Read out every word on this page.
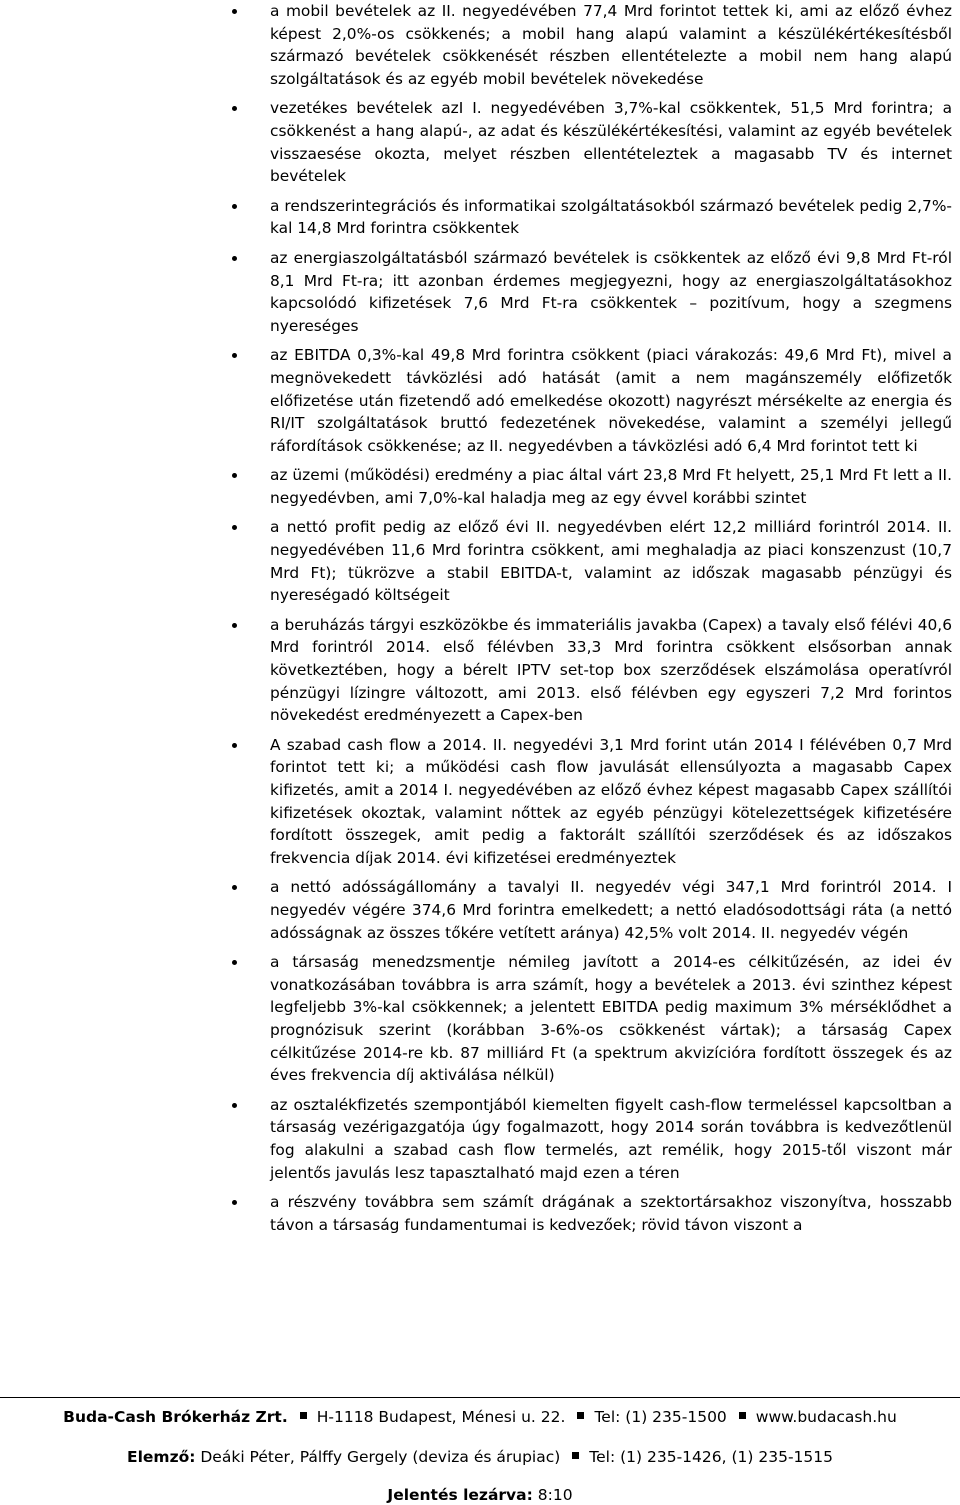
a mobil bevételek az II. negyedévében 77,4 Mrd forintot tettek ki, ami az előző évhez képest 2,0%-os csökkenés; a mobil hang alapú valamint a készülékértékesítésből származó bevételek csökkenését részben ellentételezte a mobil nem hang alapú szolgáltatások és az egyéb mobil bevételek növekedése
vezetékes bevételek azI I. negyedévében 3,7%-kal csökkentek, 51,5 Mrd forintra; a csökkenést a hang alapú-, az adat és készülékértékesítési, valamint az egyéb bevételek visszaesése okozta, melyet részben ellentételeztek a magasabb TV és internet bevételek
a rendszerintegrációs és informatikai szolgáltatásokból származó bevételek pedig 2,7%-kal 14,8 Mrd forintra csökkentek
az energiaszolgáltatásból származó bevételek is csökkentek az előző évi 9,8 Mrd Ft-ról 8,1 Mrd Ft-ra; itt azonban érdemes megjegyezni, hogy az energiaszolgáltatásokhoz kapcsolódó kifizetések 7,6 Mrd Ft-ra csökkentek – pozitívum, hogy a szegmens nyereséges
az EBITDA 0,3%-kal 49,8 Mrd forintra csökkent (piaci várakozás: 49,6 Mrd Ft), mivel a megnövekedett távközlési adó hatását (amit a nem magánszemély előfizetők előfizetése után fizetendő adó emelkedése okozott) nagyrészt mérsékelte az energia és RI/IT szolgáltatások bruttó fedezetének növekedése, valamint a személyi jellegű ráfordítások csökkenése; az II. negyedévben a távközlési adó 6,4 Mrd forintot tett ki
az üzemi (működési) eredmény a piac által várt 23,8 Mrd Ft helyett, 25,1 Mrd Ft lett a II. negyedévben, ami 7,0%-kal haladja meg az egy évvel korábbi szintet
a nettó profit pedig az előző évi II. negyedévben elért 12,2 milliárd forintról 2014. II. negyedévében 11,6 Mrd forintra csökkent, ami meghaladja az piaci konszenzust (10,7 Mrd Ft); tükrözve a stabil EBITDA-t, valamint az időszak magasabb pénzügyi és nyereségadó költségeit
a beruházás tárgyi eszközökbe és immateriális javakba (Capex) a tavaly első félévi 40,6 Mrd forintról 2014. első félévben 33,3 Mrd forintra csökkent elsősorban annak következtében, hogy a bérelt IPTV set-top box szerződések elszámolása operatívról pénzügyi lízingre változott, ami 2013. első félévben egy egyszeri 7,2 Mrd forintos növekedést eredményezett a Capex-ben
A szabad cash flow a 2014. II. negyedévi 3,1 Mrd forint után 2014 I félévében 0,7 Mrd forintot tett ki; a működési cash flow javulását ellensúlyozta a magasabb Capex kifizetés, amit a 2014 I. negyedévében az előző évhez képest magasabb Capex szállítói kifizetések okoztak, valamint nőttek az egyéb pénzügyi kötelezettségek kifizetésére fordított összegek, amit pedig a faktorált szállítói szerződések és az időszakos frekvencia díjak 2014. évi kifizetései eredményeztek
a nettó adósságállomány a tavalyi II. negyedév végi 347,1 Mrd forintról 2014. I negyedév végére 374,6 Mrd forintra emelkedett; a nettó eladósodottsági ráta (a nettó adósságnak az összes tőkére vetített aránya) 42,5% volt 2014. II. negyedév végén
a társaság menedzsmentje némileg javított a 2014-es célkitűzésén, az idei év vonatkozásában továbbra is arra számít, hogy a bevételek a 2013. évi szinthez képest legfeljebb 3%-kal csökkennek; a jelentett EBITDA pedig maximum 3% mérséklődhet a prognózisuk szerint (korábban 3-6%-os csökkenést vártak); a társaság Capex célkitűzése 2014-re kb. 87 milliárd Ft (a spektrum akvizícióra fordított összegek és az éves frekvencia díj aktiválása nélkül)
az osztalékfizetés szempontjából kiemelten figyelt cash-flow termeléssel kapcsoltban a társaság vezérigazgatója úgy fogalmazott, hogy 2014 során továbbra is kedvezőtlenül fog alakulni a szabad cash flow termelés, azt remélik, hogy 2015-től viszont már jelentős javulás lesz tapasztalható majd ezen a téren
a részvény továbbra sem számít drágának a szektortársakhoz viszonyítva, hosszabb távon a társaság fundamentumai is kedvezőek; rövid távon viszont a
Buda-Cash Brókerház Zrt. H-1118 Budapest, Ménesi u. 22. Tel: (1) 235-1500 www.budacash.hu
Elemző: Deáki Péter, Pálffy Gergely (deviza és árupiac) Tel: (1) 235-1426, (1) 235-1515
Jelentés lezárva: 8:10
